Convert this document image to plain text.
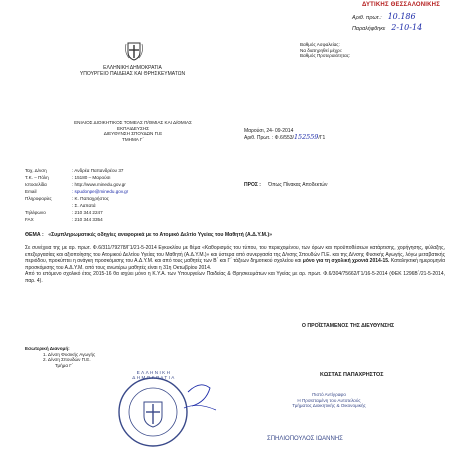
ΔΥΤΙΚΗΣ ΘΕΣΣΑΛΟΝΙΚΗΣ
Αριθ. πρωτ.: 10.186
Παραλήφθηκε 2-10-14
Βαθμός Ασφαλείας:
Να διατηρηθεί μέχρι:
Βαθμός Προτεραιότητας:
ΕΛΛΗΝΙΚΗ ΔΗΜΟΚΡΑΤΙΑ
ΥΠΟΥΡΓΕΙΟ ΠΑΙΔΕΙΑΣ ΚΑΙ ΘΡΗΣΚΕΥΜΑΤΩΝ
ΕΝΙΑΙΟΣ ΔΙΟΙΚΗΤΙΚΟΣ ΤΟΜΕΑΣ Π/ΘΜΙΑΣ ΚΑΙ Δ/ΘΜΙΑΣ
ΕΚΠΑΙΔΕΥΣΗΣ
ΔΙΕΥΘΥΝΣΗ ΣΠΟΥΔΩΝ Π.Ε
ΤΜΗΜΑ Γ΄
Μαρούσι, 24- 09-2014
Αριθ. Πρωτ. : Φ.6/553/ 152559 /Γ1
Ταχ. Δ/νση	: Ανδρέα Παπανδρέου 37
Τ.Κ. – Πόλη	: 15180 – Μαρούσι
Ιστοσελίδα	: http://www.minedu.gov.gr
Email	: spudonpe@minedu.gov.gr
Πληροφορίες	: Κ. Παπαχρήστος
: Σ. Λαπατά
Τηλέφωνο	: 210 344 2247
FAX	: 210 344 3354
ΠΡΟΣ : Όπως Πίνακας Αποδεκτών
ΘΕΜΑ : «Συμπληρωματικές οδηγίες αναφορικά με το Ατομικό Δελτίο Υγείας του Μαθητή (Α.Δ.Υ.Μ.)»

Σε συνέχεια της με αρ. πρωτ. Φ.6/311/79278/Γ1/21-5-2014 Εγκυκλίου με θέμα «Καθορισμός του τύπου, του περιεχομένου, των όρων και προϋποθέσεων κατάρτισης, χορήγησης, φύλαξης, επεξεργασίας και αξιοποίησης του Ατομικού Δελτίου Υγείας του Μαθητή (Α.Δ.Υ.Μ.)» και ύστερα από συνεργασία της Δ/νσης Σπουδών Π.Ε. και της Δ/νσης Φυσικής Αγωγής, λόγω μεταβατικής περιόδου, προκύπτει η ανάγκη προσκόμισης του Α.Δ.Υ.Μ. και από τους μαθητές των Β΄ και Γ΄ τάξεων δημοτικού σχολείου και μόνο για τη σχολική χρονιά 2014-15. Καταληκτική ημερομηνία προσκόμισης του Α.Δ.Υ.Μ. από τους ανωτέρω μαθητές είναι η 31η Οκτωβρίου 2014.

Από το επόμενο σχολικό έτος 2015-16 θα ισχύει μόνο η Κ.Υ.Α. των Υπουργείων Παιδείας & Θρησκευμάτων και Υγείας με αρ. πρωτ. Φ.6/304/75662/Γ1/16-5-2014 (ΦΕΚ 1296Β΄/21-5-2014, παρ. 4).

Ο ΠΡΟΪΣΤΑΜΕΝΟΣ ΤΗΣ ΔΙΕΥΘΥΝΣΗΣ
Εσωτερική Διανομή:
1. Δ/νση Φυσικής Αγωγής
2. Δ/νση Σπουδών Π.Ε.
Τμήμα Γ΄
ΚΩΣΤΑΣ ΠΑΠΑΧΡΗΣΤΟΣ
ΕΛΛΗΝΙΚΗ ΔΗΜΟΚΡΑΤΙΑ
Πιστό Αντίγραφο
Η Προϊσταμένη του Αυτοτελούς
Τμήματος Διοικητικής & Οικονομικής
ΣΠΗΛΙΟΠΟΥΛΟΣ ΙΩΑΝΝΗΣ
